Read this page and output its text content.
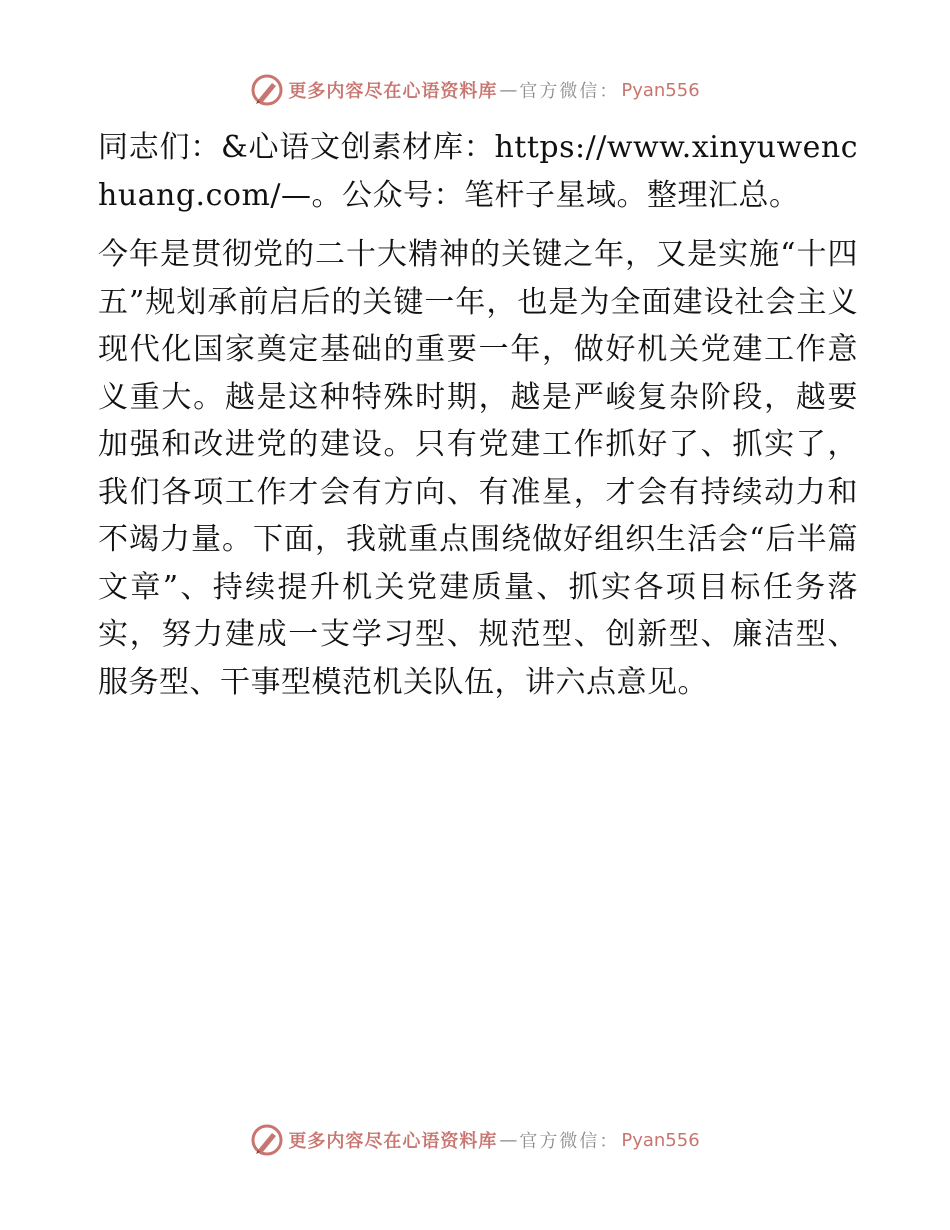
更多内容尽在心语资料库 — 官方微信： Pyan556

同志们：&心语文创素材库：https://www.xinyuwenchuang.com/—。公众号：笔杆子星域。整理汇总。

今年是贯彻党的二十大精神的关键之年，又是实施“十四五”规划承前启后的关键一年，也是为全面建设社会主义现代化国家奠定基础的重要一年，做好机关党建工作意义重大。越是这种特殊时期，越是严峻复杂阶段，越要加强和改进党的建设。只有党建工作抓好了、抓实了，我们各项工作才会有方向、有准星，才会有持续动力和不竭力量。下面，我就重点围绕做好组织生活会“后半篇文章”、持续提升机关党建质量、抓实各项目标任务落实，努力建成一支学习型、规范型、创新型、廉洁型、服务型、干事型模范机关队伍，讲六点意见。

更多内容尽在心语资料库 — 官方微信： Pyan556
